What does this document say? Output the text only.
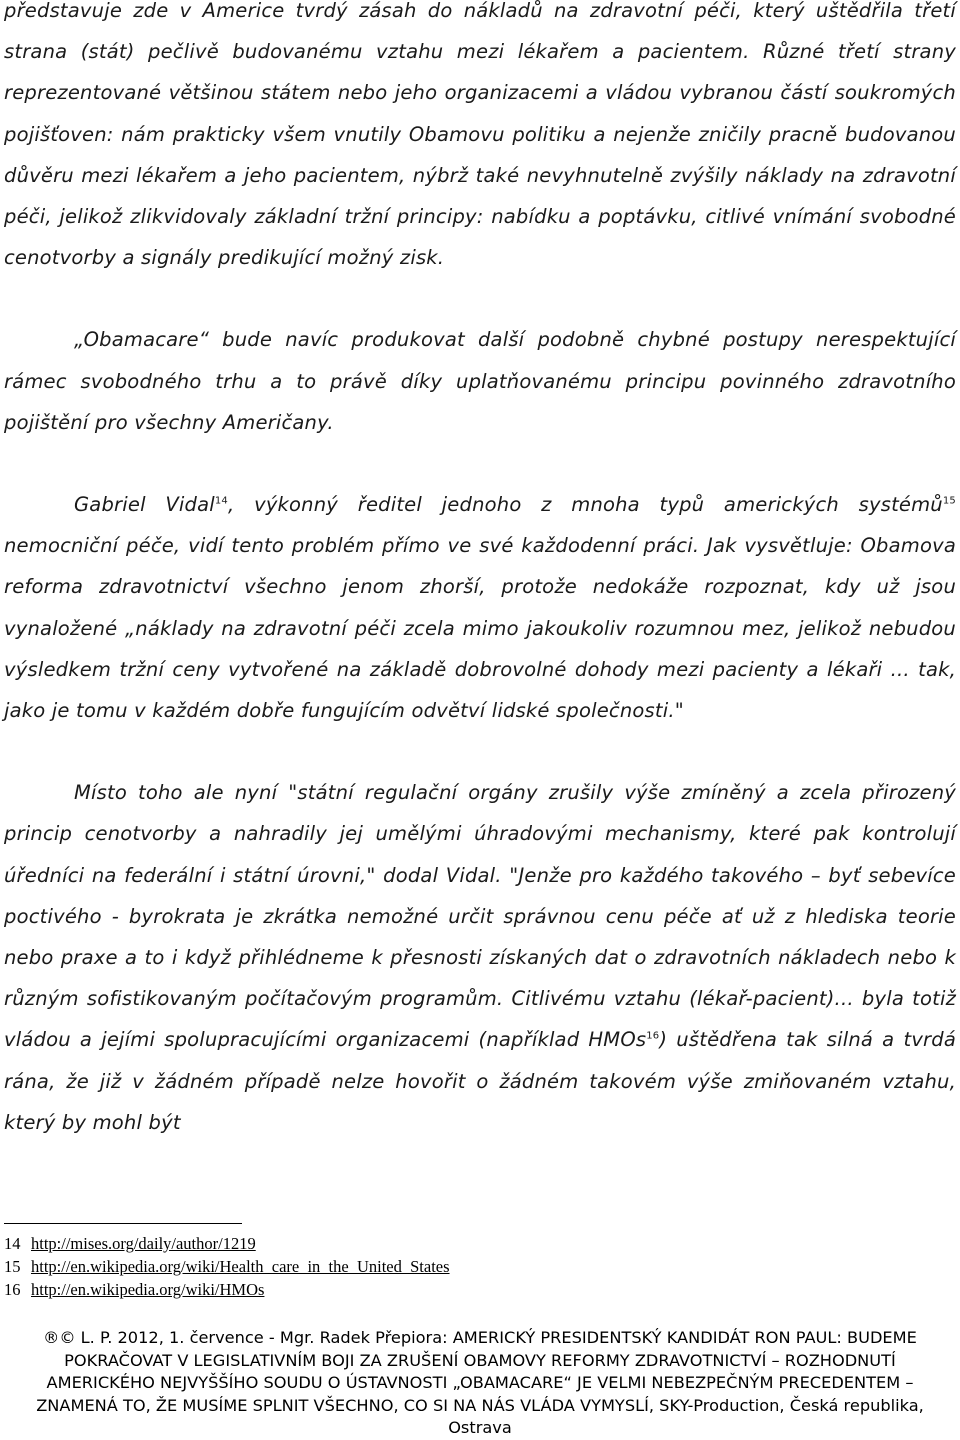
představuje zde v Americe tvrdý zásah do nákladů na zdravotní péči, který uštědřila třetí strana (stát) pečlivě budovanému vztahu mezi lékařem a pacientem. Různé třetí strany reprezentované většinou státem nebo jeho organizacemi a vládou vybranou částí soukromých pojišťoven: nám prakticky všem vnutily Obamovu politiku a nejenže zničily pracně budovanou důvěru mezi lékařem a jeho pacientem, nýbrž také nevyhnutelně zvýšily náklady na zdravotní péči, jelikož zlikvidovaly základní tržní principy: nabídku a poptávku, citlivé vnímání svobodné cenotvorby a signály predikující možný zisk.

„Obamacare“ bude navíc produkovat další podobně chybné postupy nerespektující rámec svobodného trhu a to právě díky uplatňovanému principu povinného zdravotního pojištění pro všechny Američany.

Gabriel Vidal$^{14}$, výkonný ředitel jednoho z mnoha typů amerických systémů$^{15}$ nemocniční péče, vidí tento problém přímo ve své každodenní práci. Jak vysvětluje: Obamova reforma zdravotnictví všechno jenom zhorší, protože nedokáže rozpoznat, kdy už jsou vynaložené „náklady na zdravotní péči zcela mimo jakoukoliv rozumnou mez, jelikož nebudou výsledkem tržní ceny vytvořené na základě dobrovolné dohody mezi pacienty a lékaři ... tak, jako je tomu v každém dobře fungujícím odvětví lidské společnosti."

Místo toho ale nyní "státní regulační orgány zrušily výše zmíněný a zcela přirozený princip cenotvorby a nahradily jej umělými úhradovými mechanismy, které pak kontrolují úředníci na federální i státní úrovni," dodal Vidal. "Jenže pro každého takového – byť sebevíce poctivého - byrokrata je zkrátka nemožné určit správnou cenu péče ať už z hlediska teorie nebo praxe a to i když přihlédneme k přesnosti získaných dat o zdravotních nákladech nebo k různým sofistikovaným počítačovým programům. Citlivému vztahu (lékař-pacient)... byla totiž vládou a jejími spolupracujícími organizacemi (například HMOs$^{16}$) uštědřena tak silná a tvrdá rána, že již v žádném případě nelze hovořit o žádném takovém výše zmiňovaném vztahu, který by mohl být

14 http://mises.org/daily/author/1219
15 http://en.wikipedia.org/wiki/Health_care_in_the_United_States
16 http://en.wikipedia.org/wiki/HMOs
®© L. P. 2012, 1. července - Mgr. Radek Přepiora: AMERICKÝ PRESIDENTSKÝ KANDIDÁT RON PAUL: BUDEME
POKRAČOVAT V LEGISLATIVNÍM BOJI ZA ZRUŠENÍ OBAMOVY REFORMY ZDRAVOTNICTVÍ – ROZHODNUTÍ
AMERICKÉHO NEJVYŠŠÍHO SOUDU O ÚSTAVNOSTI „OBAMACARE“ JE VELMI NEBEZPEČNÝM PRECEDENTEM –
ZNAMENÁ TO, ŽE MUSÍME SPLNIT VŠECHNO, CO SI NA NÁS VLÁDA VYMYSLÍ, SKY-Production, Česká republika,
Ostrava
